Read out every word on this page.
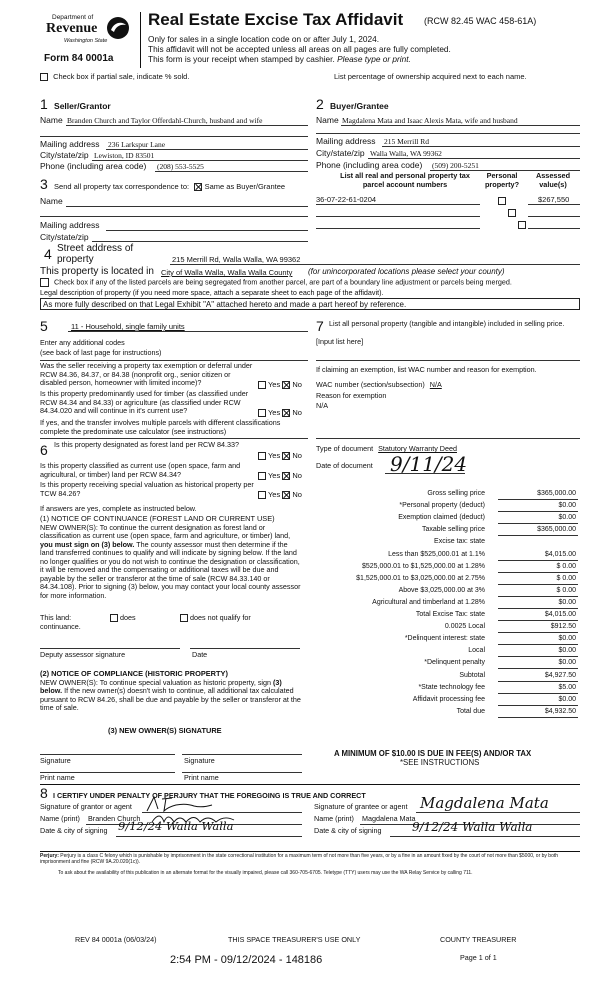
Department of
Revenue
Washington State
Form 84 0001a
Real Estate Excise Tax Affidavit (RCW 82.45 WAC 458-61A)
Only for sales in a single location code on or after July 1, 2024.
This affidavit will not be accepted unless all areas on all pages are fully completed.
This form is your receipt when stamped by cashier. Please type or print.
Check box if partial sale, indicate % sold.	List percentage of ownership acquired next to each name.
1 Seller/Grantor
Name Branden Church and Taylor Offerdahl-Church, husband and wife
Mailing address 236 Larkspur Lane
City/state/zip Lewiston, ID 83501
Phone (including area code) (208) 553-5525
2 Buyer/Grantee
Name Magdalena Mata and Isaac Alexis Mata, wife and husband
Mailing address 215 Merrill Rd
City/state/zip Walla Walla, WA 99362
Phone (including area code) (509) 200-5251
3 Send all property tax correspondence to: Same as Buyer/Grantee
Name
Mailing address
City/state/zip
List all real and personal property tax parcel account numbers
Personal property?
Assessed value(s)
36-07-22-61-0204
	$267,550
4 Street address of property	215 Merrill Rd, Walla Walla, WA 99362
This property is located in City of Walla Walla, Walla Walla County (for unincorporated locations please select your county)
Check box if any of the listed parcels are being segregated from another parcel, are part of a boundary line adjustment or parcels being merged.
Legal description of property (if you need more space, attach a separate sheet to each page of the affidavit).
As more fully described on that Legal Exhibit "A" attached hereto and made a part hereof by reference.
5	11 - Household, single family units
Enter any additional codes
(see back of last page for instructions)
Was the seller receiving a property tax exemption or deferral under RCW 84.36, 84.37, or 84.38 (nonprofit org., senior citizen or disabled person, homeowner with limited income)?	Yes No
Is this property predominantly used for timber (as classified under RCW 84.34 and 84.33) or agriculture (as classified under RCW 84.34.020 and will continue in it's current use?	Yes No
If yes, and the transfer involves multiple parcels with different classifications complete the predominate use calculator (see instructions)
6 Is this property designated as forest land per RCW 84.33?
Yes No
Is this property classified as current use (open space, farm and agricultural, or timber) land per RCW 84.34?	Yes No
Is this property receiving special valuation as historical property per TCW 84.26?	Yes No
If answers are yes, complete as instructed below.
(1) NOTICE OF CONTINUANCE (FOREST LAND OR CURRENT USE)
NEW OWNER(S): To continue the current designation as forest land or classification as current use (open space, farm and agriculture, or timber) land, you must sign on (3) below. The county assessor must then determine if the land transferred continues to qualify and will indicate by signing below. If the land no longer qualifies or you do not wish to continue the designation or classification, it will be removed and the compensating or additional taxes will be due and payable by the seller or transferor at the time of sale (RCW 84.33.140 or 84.34.108). Prior to signing (3) below, you may contact your local county assessor for more information.
This land:
continuance.
does	does not qualify for
Deputy assessor signature	Date
(2) NOTICE OF COMPLIANCE (HISTORIC PROPERTY)
NEW OWNER(S): To continue special valuation as historic property, sign (3) below. If the new owner(s) doesn't wish to continue, all additional tax calculated pursuant to RCW 84.26, shall be due and payable by the seller or transferor at the time of sale.
(3) NEW OWNER(S) SIGNATURE
Signature	Signature
Print name	Print name
7 List all personal property (tangible and intangible) included in selling price.
[Input list here]
If claiming an exemption, list WAC number and reason for exemption.
WAC number (section/subsection) N/A
Reason for exemption
N/A
Type of document Statutory Warranty Deed
Date of document 9/11/24
Gross selling price	$365,000.00
*Personal property (deduct)	$0.00
Exemption claimed (deduct)	$0.00
Taxable selling price	$365,000.00
Excise tax: state
Less than $525,000.01 at 1.1%	$4,015.00
$525,000.01 to $1,525,000.00 at 1.28%	$ 0.00
$1,525,000.01 to $3,025,000.00 at 2.75%	$ 0.00
Above $3,025,000.00 at 3%	$ 0.00
Agricultural and timberland at 1.28%	$0.00
Total Excise Tax: state	$4,015.00
0.0025 Local	$912.50
*Delinquent interest: state	$0.00
Local	$0.00
*Delinquent penalty	$0.00
Subtotal	$4,927.50
*State technology fee	$5.00
Affidavit processing fee	$0.00
Total due	$4,932.50
A MINIMUM OF $10.00 IS DUE IN FEE(S) AND/OR TAX
*SEE INSTRUCTIONS
8 I CERTIFY UNDER PENALTY OF PERJURY THAT THE FOREGOING IS TRUE AND CORRECT
Signature of grantor or agent
Name (print) Branden Church
Date & city of signing 9/12/24 Walla Walla
Signature of grantee or agent Magdalena Mata
Name (print) Magdalena Mata
Date & city of signing	9/12/24 Walla Walla
Perjury: Perjury is a class C felony which is punishable by imprisonment in the state correctional institution for a maximum term of not more than five years, or by a fine in an amount fixed by the court of not more than $5000, or by both imprisonment and fine (RCW 9A.20.020(1c)).
To ask about the availability of this publication in an alternate format for the visually impaired, please call 360-705-6705. Teletype (TTY) users may use the WA Relay Service by calling 711.
REV 84 0001a (06/03/24)	THIS SPACE TREASURER'S USE ONLY	COUNTY TREASURER
2:54 PM - 09/12/2024 - 148186	Page 1 of 1
